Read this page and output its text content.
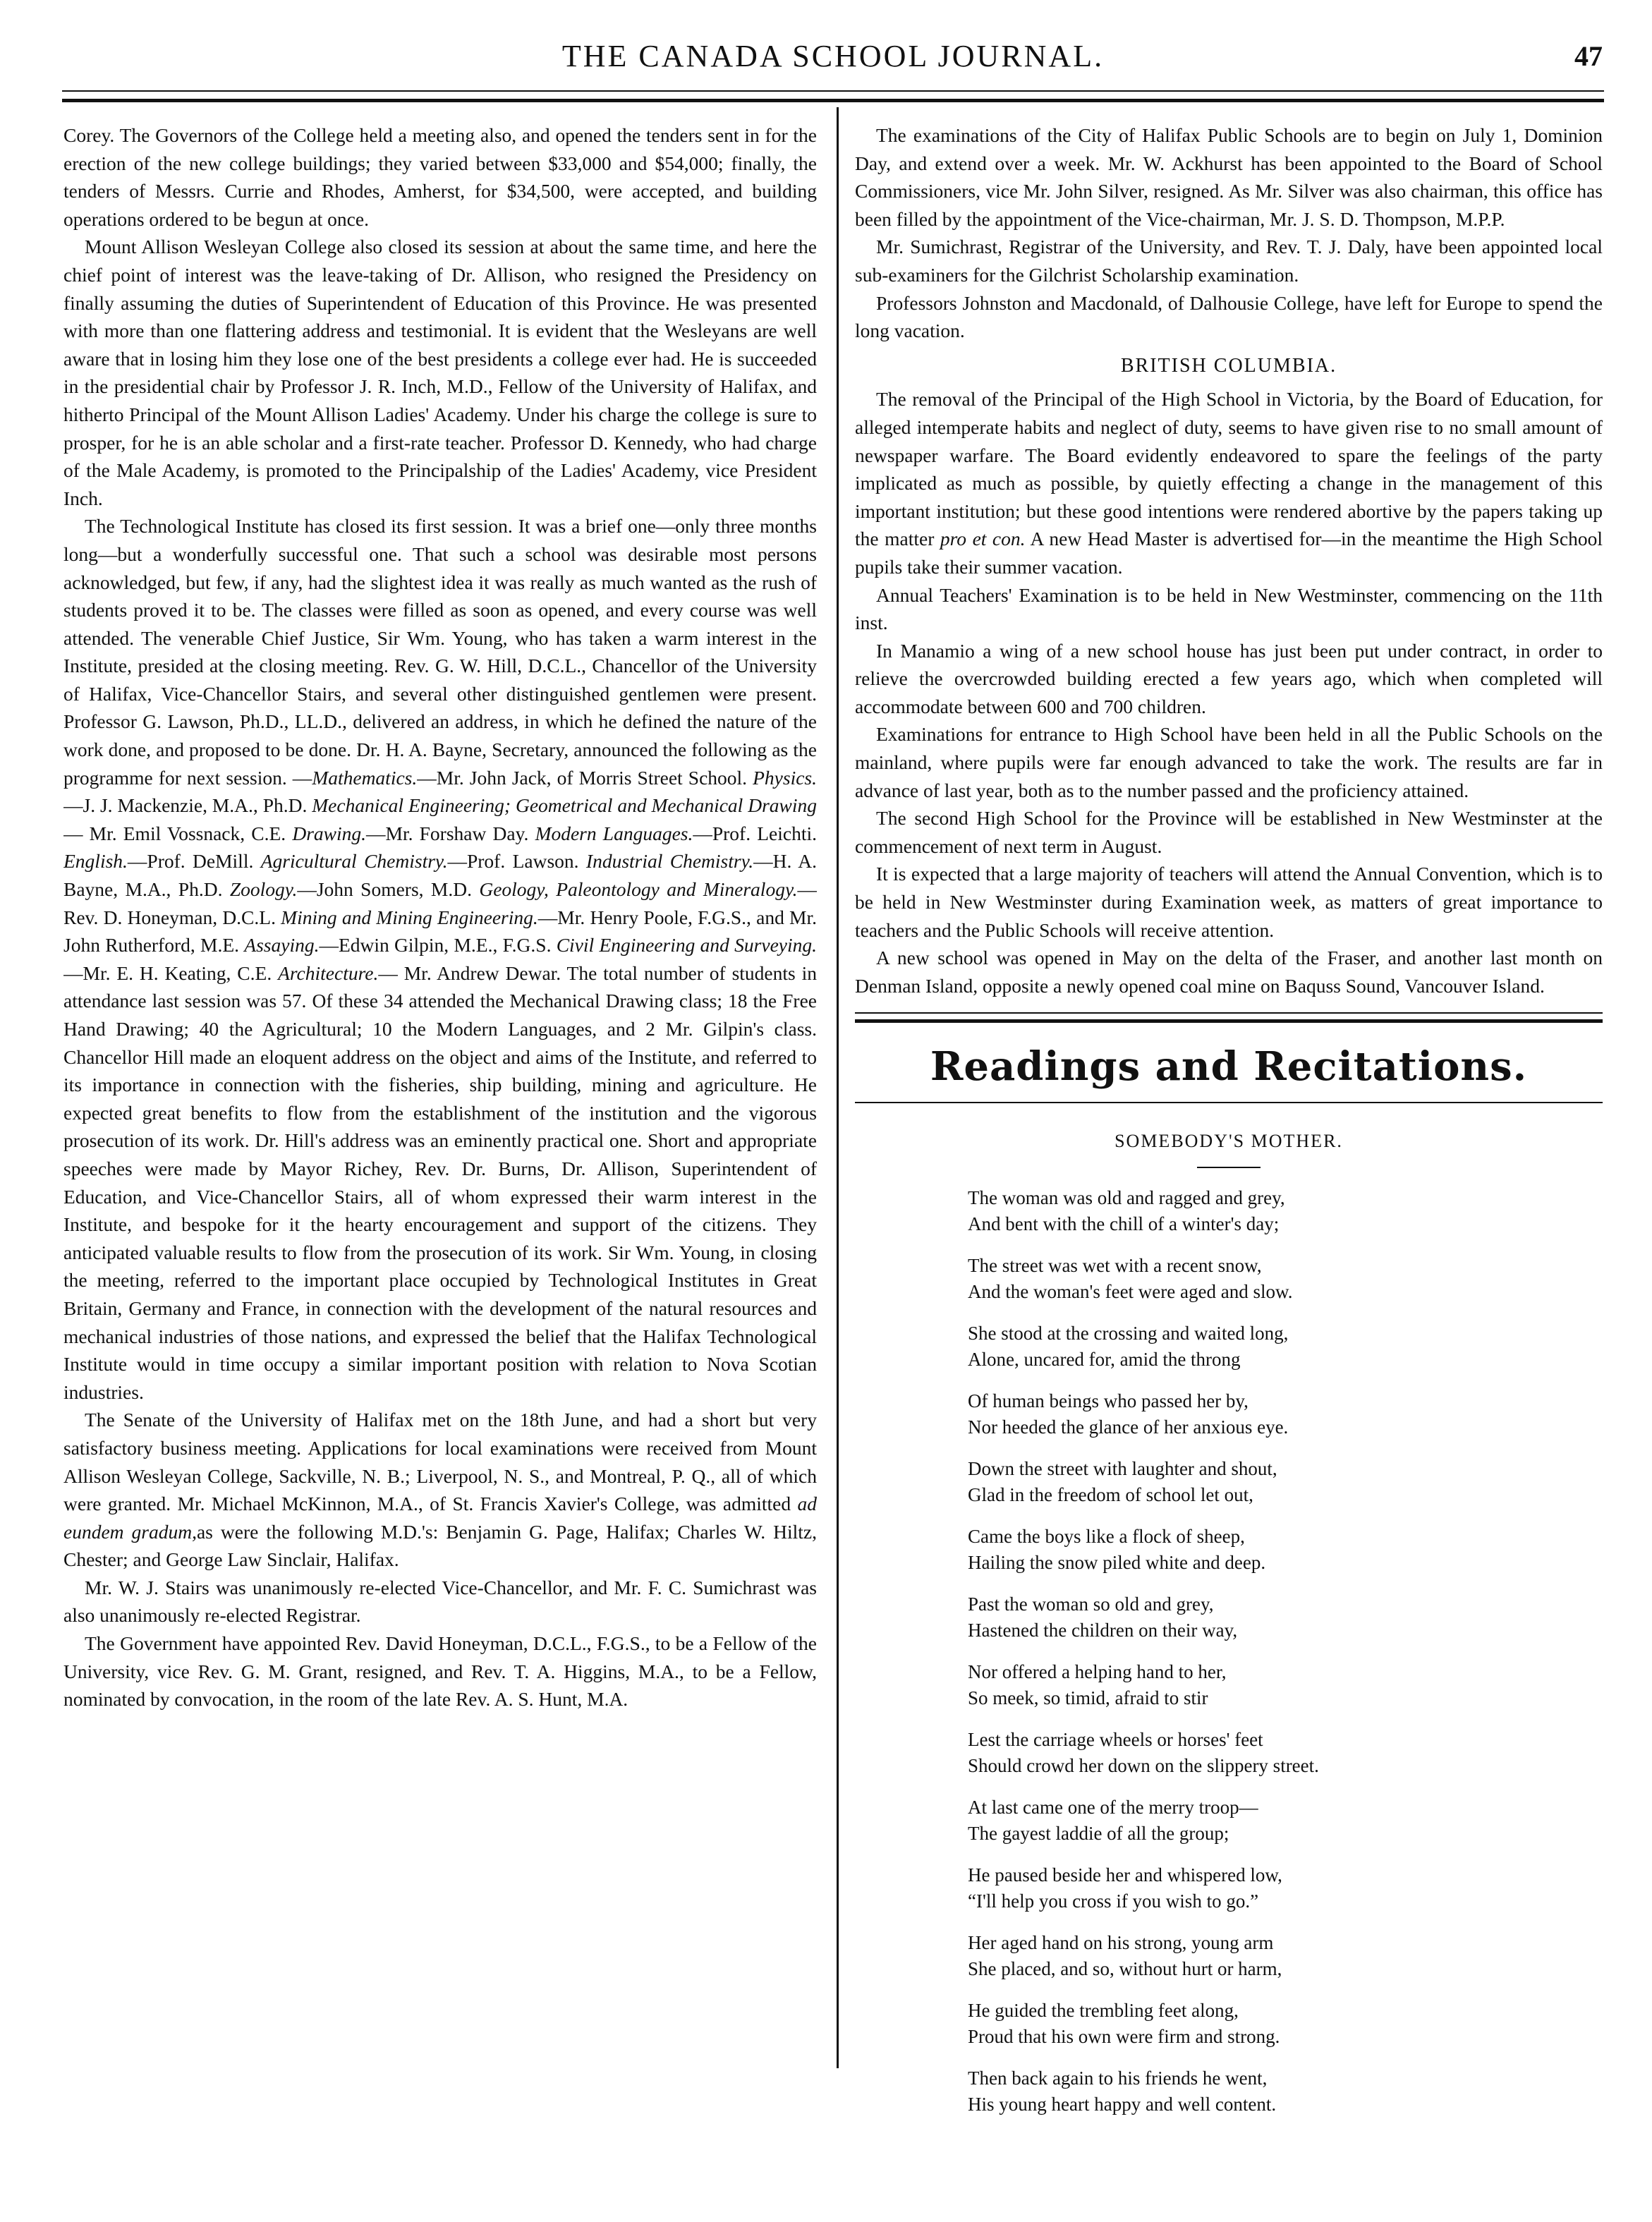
THE CANADA SCHOOL JOURNAL.	47

Corey. The Governors of the College held a meeting also, and opened the tenders sent in for the erection of the new college buildings; they varied between $33,000 and $54,000; finally, the tenders of Messrs. Currie and Rhodes, Amherst, for $34,500, were accepted, and building operations ordered to be begun at once.

Mount Allison Wesleyan College also closed its session at about the same time, and here the chief point of interest was the leave-taking of Dr. Allison, who resigned the Presidency on finally assuming the duties of Superintendent of Education of this Province. He was presented with more than one flattering address and testimonial. It is evident that the Wesleyans are well aware that in losing him they lose one of the best presidents a college ever had. He is succeeded in the presidential chair by Professor J. R. Inch, M.D., Fellow of the University of Halifax, and hitherto Principal of the Mount Allison Ladies' Academy. Under his charge the college is sure to prosper, for he is an able scholar and a first-rate teacher. Professor D. Kennedy, who had charge of the Male Academy, is promoted to the Principalship of the Ladies' Academy, vice President Inch.

The Technological Institute has closed its first session. It was a brief one—only three months long—but a wonderfully successful one. That such a school was desirable most persons acknowledged, but few, if any, had the slightest idea it was really as much wanted as the rush of students proved it to be. The classes were filled as soon as opened, and every course was well attended. The venerable Chief Justice, Sir Wm. Young, who has taken a warm interest in the Institute, presided at the closing meeting. Rev. G. W. Hill, D.C.L., Chancellor of the University of Halifax, Vice-Chancellor Stairs, and several other distinguished gentlemen were present. Professor G. Lawson, Ph.D., LL.D., delivered an address, in which he defined the nature of the work done, and proposed to be done. Dr. H. A. Bayne, Secretary, announced the following as the programme for next session. —Mathematics.—Mr. John Jack, of Morris Street School. Physics.—J. J. Mackenzie, M.A., Ph.D. Mechanical Engineering; Geometrical and Mechanical Drawing— Mr. Emil Vossnack, C.E. Drawing.—Mr. Forshaw Day. Modern Languages.—Prof. Leichti. English.—Prof. DeMill. Agricultural Chemistry.—Prof. Lawson. Industrial Chemistry.—H. A. Bayne, M.A., Ph.D. Zoology.—John Somers, M.D. Geology, Paleontology and Mineralogy.—Rev. D. Honeyman, D.C.L. Mining and Mining Engineering.—Mr. Henry Poole, F.G.S., and Mr. John Rutherford, M.E. Assaying.—Edwin Gilpin, M.E., F.G.S. Civil Engineering and Surveying.—Mr. E. H. Keating, C.E. Architecture.— Mr. Andrew Dewar. The total number of students in attendance last session was 57. Of these 34 attended the Mechanical Drawing class; 18 the Free Hand Drawing; 40 the Agricultural; 10 the Modern Languages, and 2 Mr. Gilpin's class. Chancellor Hill made an eloquent address on the object and aims of the Institute, and referred to its importance in connection with the fisheries, ship building, mining and agriculture. He expected great benefits to flow from the establishment of the institution and the vigorous prosecution of its work. Dr. Hill's address was an eminently practical one. Short and appropriate speeches were made by Mayor Richey, Rev. Dr. Burns, Dr. Allison, Superintendent of Education, and Vice-Chancellor Stairs, all of whom expressed their warm interest in the Institute, and bespoke for it the hearty encouragement and support of the citizens. They anticipated valuable results to flow from the prosecution of its work. Sir Wm. Young, in closing the meeting, referred to the important place occupied by Technological Institutes in Great Britain, Germany and France, in connection with the development of the natural resources and mechanical industries of those nations, and expressed the belief that the Halifax Technological Institute would in time occupy a similar important position with relation to Nova Scotian industries.

The Senate of the University of Halifax met on the 18th June, and had a short but very satisfactory business meeting. Applications for local examinations were received from Mount Allison Wesleyan College, Sackville, N. B.; Liverpool, N. S., and Montreal, P. Q., all of which were granted. Mr. Michael McKinnon, M.A., of St. Francis Xavier's College, was admitted ad eundem gradum,as were the following M.D.'s: Benjamin G. Page, Halifax; Charles W. Hiltz, Chester; and George Law Sinclair, Halifax.

Mr. W. J. Stairs was unanimously re-elected Vice-Chancellor, and Mr. F. C. Sumichrast was also unanimously re-elected Registrar.

The Government have appointed Rev. David Honeyman, D.C.L., F.G.S., to be a Fellow of the University, vice Rev. G. M. Grant, resigned, and Rev. T. A. Higgins, M.A., to be a Fellow, nominated by convocation, in the room of the late Rev. A. S. Hunt, M.A.

The examinations of the City of Halifax Public Schools are to begin on July 1, Dominion Day, and extend over a week. Mr. W. Ackhurst has been appointed to the Board of School Commissioners, vice Mr. John Silver, resigned. As Mr. Silver was also chairman, this office has been filled by the appointment of the Vice-chairman, Mr. J. S. D. Thompson, M.P.P.

Mr. Sumichrast, Registrar of the University, and Rev. T. J. Daly, have been appointed local sub-examiners for the Gilchrist Scholarship examination.

Professors Johnston and Macdonald, of Dalhousie College, have left for Europe to spend the long vacation.

BRITISH COLUMBIA.

The removal of the Principal of the High School in Victoria, by the Board of Education, for alleged intemperate habits and neglect of duty, seems to have given rise to no small amount of newspaper warfare. The Board evidently endeavored to spare the feelings of the party implicated as much as possible, by quietly effecting a change in the management of this important institution; but these good intentions were rendered abortive by the papers taking up the matter pro et con. A new Head Master is advertised for—in the meantime the High School pupils take their summer vacation.

Annual Teachers' Examination is to be held in New Westminster, commencing on the 11th inst.

In Manamio a wing of a new school house has just been put under contract, in order to relieve the overcrowded building erected a few years ago, which when completed will accommodate between 600 and 700 children.

Examinations for entrance to High School have been held in all the Public Schools on the mainland, where pupils were far enough advanced to take the work. The results are far in advance of last year, both as to the number passed and the proficiency attained.

The second High School for the Province will be established in New Westminster at the commencement of next term in August.

It is expected that a large majority of teachers will attend the Annual Convention, which is to be held in New Westminster during Examination week, as matters of great importance to teachers and the Public Schools will receive attention.

A new school was opened in May on the delta of the Fraser, and another last month on Denman Island, opposite a newly opened coal mine on Baquss Sound, Vancouver Island.

Readings and Recitations.
SOMEBODY'S MOTHER.
The woman was old and ragged and grey,
And bent with the chill of a winter's day;
The street was wet with a recent snow,
And the woman's feet were aged and slow.
She stood at the crossing and waited long,
Alone, uncared for, amid the throng
Of human beings who passed her by,
Nor heeded the glance of her anxious eye.
Down the street with laughter and shout,
Glad in the freedom of school let out,
Came the boys like a flock of sheep,
Hailing the snow piled white and deep.
Past the woman so old and grey,
Hastened the children on their way,
Nor offered a helping hand to her,
So meek, so timid, afraid to stir
Lest the carriage wheels or horses' feet
Should crowd her down on the slippery street.
At last came one of the merry troop—
The gayest laddie of all the group;
He paused beside her and whispered low,
“I'll help you cross if you wish to go.”
Her aged hand on his strong, young arm
She placed, and so, without hurt or harm,
He guided the trembling feet along,
Proud that his own were firm and strong.
Then back again to his friends he went,
His young heart happy and well content.
